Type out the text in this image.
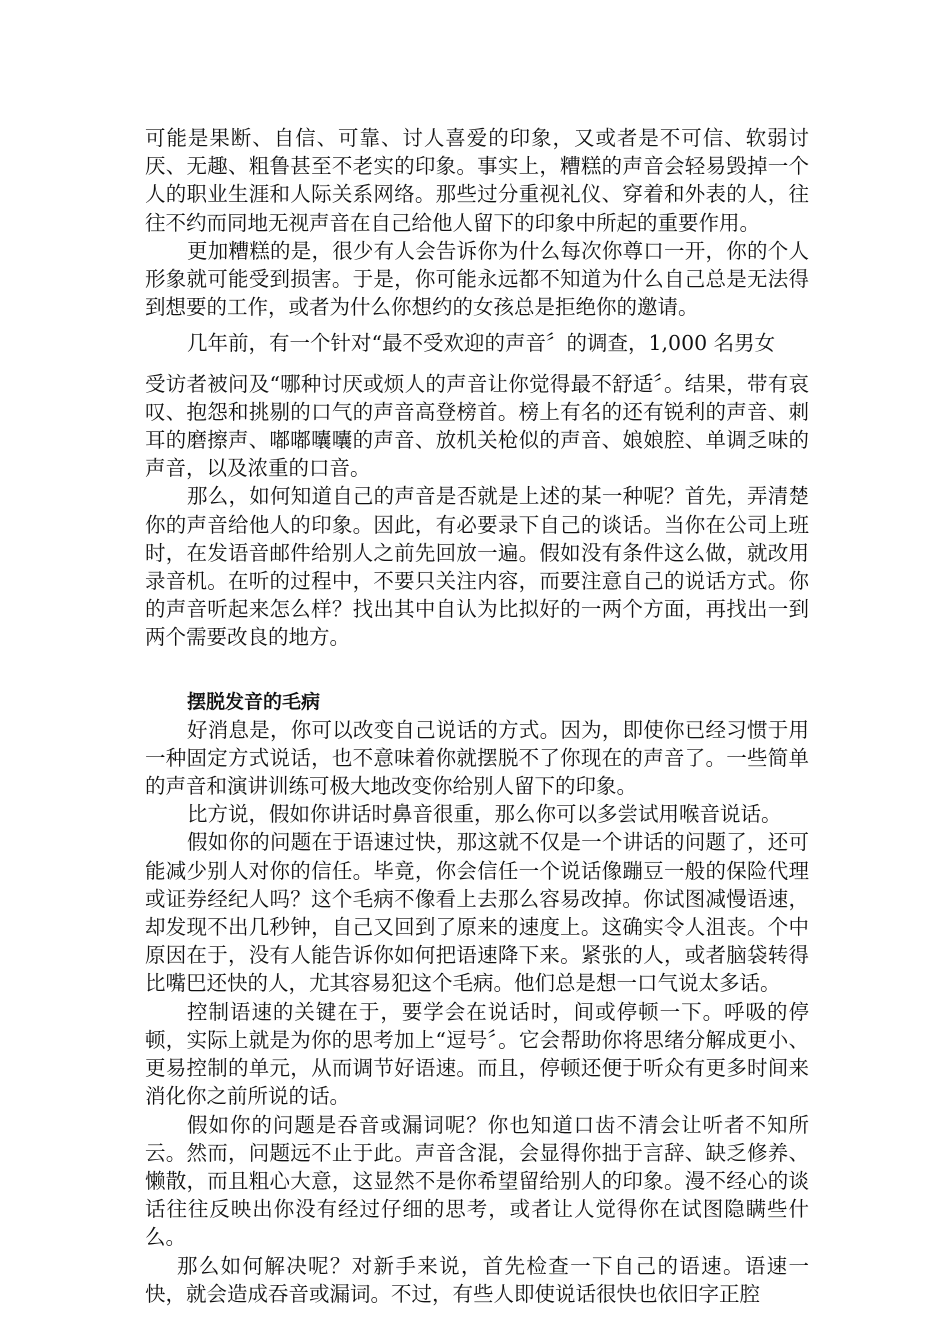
可能是果断、自信、可靠、讨人喜爱的印象，又或者是不可信、软弱讨厌、无趣、粗鲁甚至不老实的印象。事实上，糟糕的声音会轻易毁掉一个人的职业生涯和人际关系网络。那些过分重视礼仪、穿着和外表的人，往往不约而同地无视声音在自己给他人留下的印象中所起的重要作用。

更加糟糕的是，很少有人会告诉你为什么每次你尊口一开，你的个人形象就可能受到损害。于是，你可能永远都不知道为什么自己总是无法得到想要的工作，或者为什么你想约的女孩总是拒绝你的邀请。

几年前，有一个针对“最不受欢迎的声音〞的调查，1,000 名男女

受访者被问及“哪种讨厌或烦人的声音让你觉得最不舒适〞。结果，带有哀叹、抱怨和挑剔的口气的声音高登榜首。榜上有名的还有锐利的声音、刺耳的磨擦声、嘟嘟囔囔的声音、放机关枪似的声音、娘娘腔、单调乏味的声音，以及浓重的口音。

那么，如何知道自己的声音是否就是上述的某一种呢？首先，弄清楚你的声音给他人的印象。因此，有必要录下自己的谈话。当你在公司上班时，在发语音邮件给别人之前先回放一遍。假如没有条件这么做，就改用录音机。在听的过程中，不要只关注内容，而要注意自己的说话方式。你的声音听起来怎么样？找出其中自认为比拟好的一两个方面，再找出一到两个需要改良的地方。

摆脱发音的毛病

好消息是，你可以改变自己说话的方式。因为，即使你已经习惯于用一种固定方式说话，也不意味着你就摆脱不了你现在的声音了。一些简单的声音和演讲训练可极大地改变你给别人留下的印象。

比方说，假如你讲话时鼻音很重，那么你可以多尝试用喉音说话。

假如你的问题在于语速过快，那这就不仅是一个讲话的问题了，还可能减少别人对你的信任。毕竟，你会信任一个说话像蹦豆一般的保险代理或证券经纪人吗？这个毛病不像看上去那么容易改掉。你试图减慢语速，却发现不出几秒钟，自己又回到了原来的速度上。这确实令人沮丧。个中原因在于，没有人能告诉你如何把语速降下来。紧张的人，或者脑袋转得比嘴巴还快的人，尤其容易犯这个毛病。他们总是想一口气说太多话。

控制语速的关键在于，要学会在说话时，间或停顿一下。呼吸的停顿，实际上就是为你的思考加上“逗号〞。它会帮助你将思绪分解成更小、更易控制的单元，从而调节好语速。而且，停顿还便于听众有更多时间来消化你之前所说的话。

假如你的问题是吞音或漏词呢？你也知道口齿不清会让听者不知所云。然而，问题远不止于此。声音含混，会显得你拙于言辞、缺乏修养、懒散，而且粗心大意，这显然不是你希望留给别人的印象。漫不经心的谈话往往反映出你没有经过仔细的思考，或者让人觉得你在试图隐瞒些什么。

那么如何解决呢？对新手来说，首先检查一下自己的语速。语速一快，就会造成吞音或漏词。不过，有些人即使说话很快也依旧字正腔
